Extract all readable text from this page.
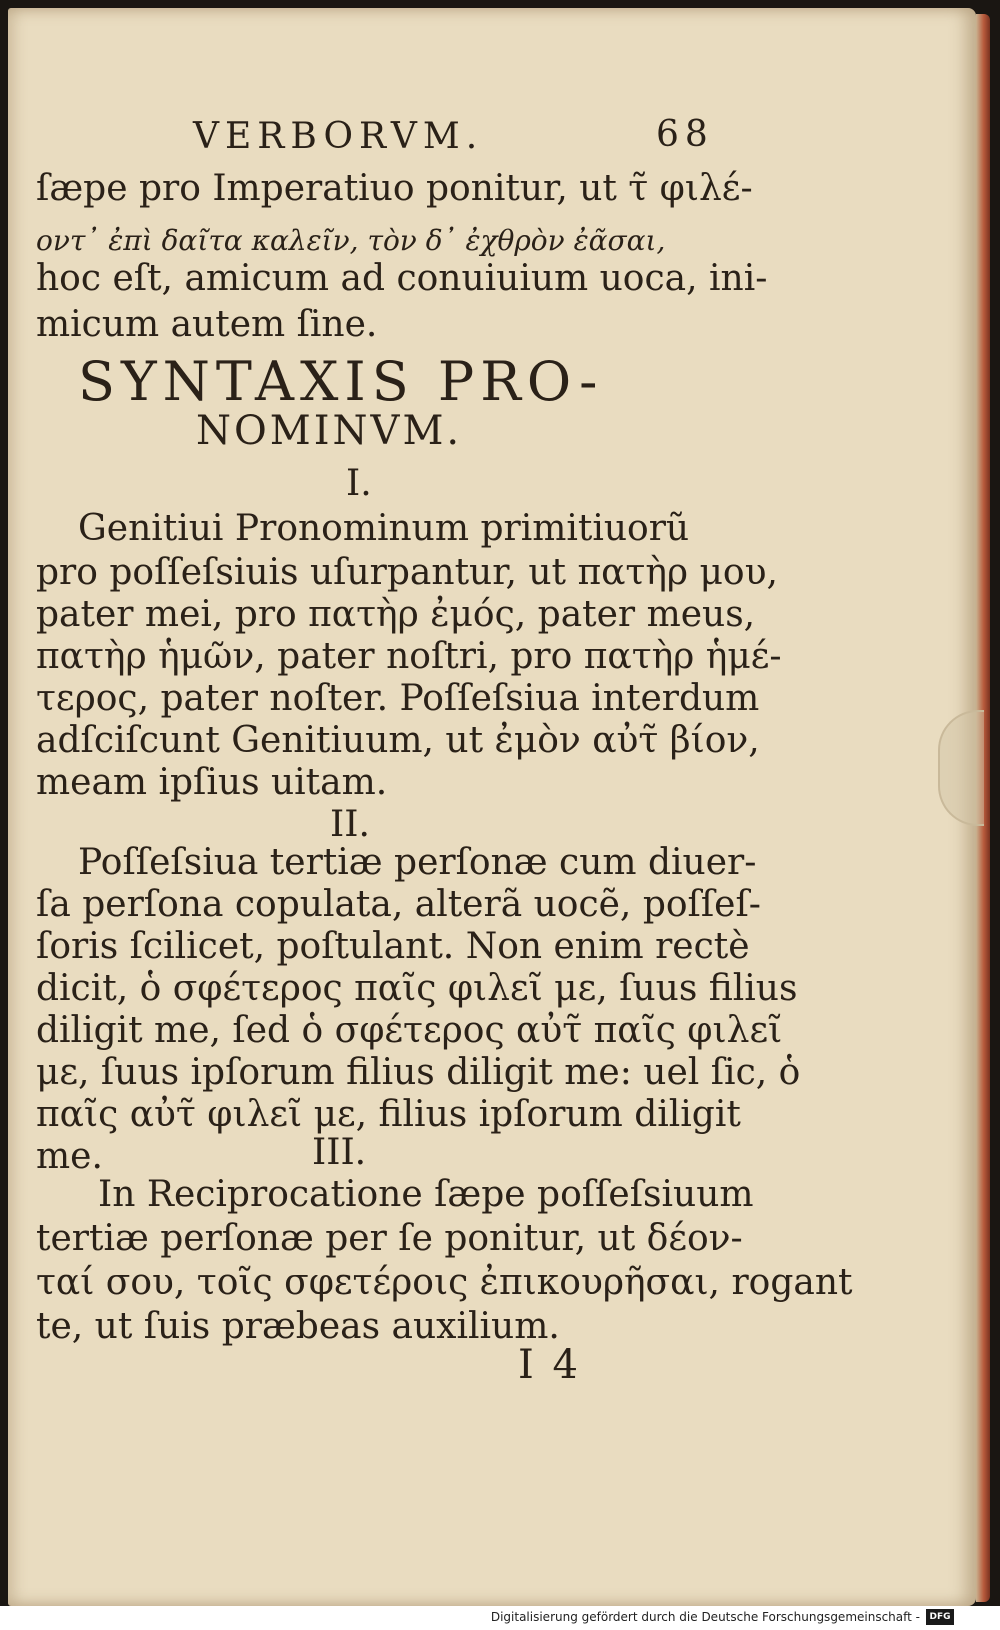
VERBORVM.	68
ſæpe pro Imperatiuo ponitur, ut τ̃ φιλέ-
οντ᾿ ἐπὶ δαῖτα καλεῖν, τὸν δ᾿ ἐχθρὸν ἐᾶσαι,
hoc eſt, amicum ad conuiuium uoca, ini-
micum autem ſine.
SYNTAXIS PRO-
NOMINVM.
I.
Genitiui Pronominum primitiuorũ
pro poſſeſsiuis uſurpantur, ut πατὴρ μου,
pater mei, pro πατὴρ ἐμός, pater meus,
πατὴρ ἡμῶν, pater noſtri, pro πατὴρ ἡμέ-
τερος, pater noſter. Poſſeſsiua interdum
adſciſcunt Genitiuum, ut ἐμὸν αὐτ̃ βίον,
meam ipſius uitam.
II.
Poſſeſsiua tertiæ perſonæ cum diuer-
ſa perſona copulata, alterã uocẽ, poſſeſ-
ſoris ſcilicet, poſtulant. Non enim rectè
dicit, ὁ σφέτερος παῖς φιλεῖ με, ſuus filius
diligit me, ſed ὁ σφέτερος αὐτ̃ παῖς φιλεῖ
με, ſuus ipſorum filius diligit me: uel ſic, ὁ
παῖς αὐτ̃ φιλεῖ με, filius ipſorum diligit
me.	III.
In Reciprocatione ſæpe poſſeſsiuum
tertiæ perſonæ per ſe ponitur, ut δέον-
ταί σου, τοῖς σφετέροις ἐπικουρῆσαι, rogant
te, ut ſuis præbeas auxilium.
I 4
Digitalisierung gefördert durch die Deutsche Forschungsgemeinschaft -	DFG
